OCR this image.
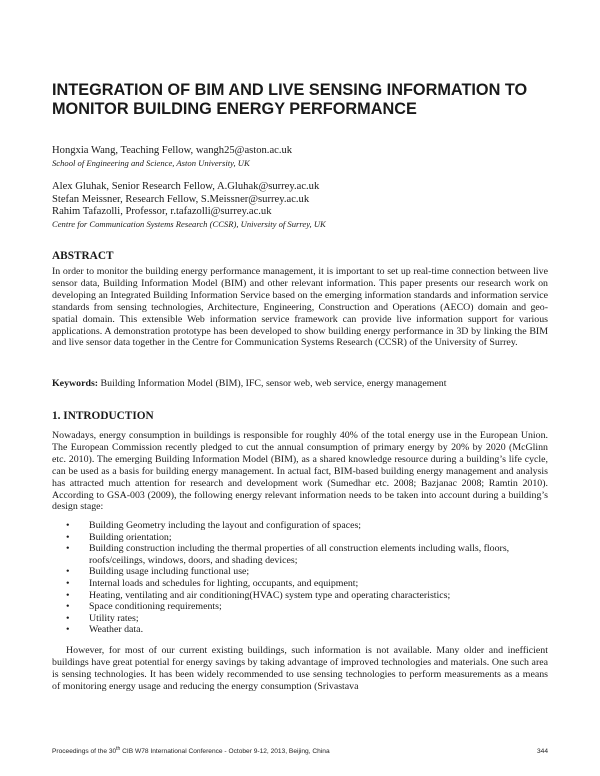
INTEGRATION OF BIM AND LIVE SENSING INFORMATION TO
MONITOR BUILDING ENERGY PERFORMANCE
Hongxia Wang, Teaching Fellow, wangh25@aston.ac.uk
School of Engineering and Science, Aston University, UK
Alex Gluhak, Senior Research Fellow, A.Gluhak@surrey.ac.uk
Stefan Meissner, Research Fellow, S.Meissner@surrey.ac.uk
Rahim Tafazolli, Professor, r.tafazolli@surrey.ac.uk
Centre for Communication Systems Research (CCSR), University of Surrey, UK
ABSTRACT

In order to monitor the building energy performance management, it is important to set up real-time connection between live sensor data, Building Information Model (BIM) and other relevant information. This paper presents our research work on developing an Integrated Building Information Service based on the emerging information standards and information service standards from sensing technologies, Architecture, Engineering, Construction and Operations (AECO) domain and geo-spatial domain. This extensible Web information service framework can provide live information support for various applications. A demonstration prototype has been developed to show building energy performance in 3D by linking the BIM and live sensor data together in the Centre for Communication Systems Research (CCSR) of the University of Surrey.

Keywords: Building Information Model (BIM), IFC, sensor web, web service, energy management

1. INTRODUCTION

Nowadays, energy consumption in buildings is responsible for roughly 40% of the total energy use in the European Union. The European Commission recently pledged to cut the annual consumption of primary energy by 20% by 2020 (McGlinn etc. 2010). The emerging Building Information Model (BIM), as a shared knowledge resource during a building’s life cycle, can be used as a basis for building energy management. In actual fact, BIM-based building energy management and analysis has attracted much attention for research and development work (Sumedhar etc. 2008; Bazjanac 2008; Ramtin 2010). According to GSA-003 (2009), the following energy relevant information needs to be taken into account during a building’s design stage:

• Building Geometry including the layout and configuration of spaces;
• Building orientation;
• Building construction including the thermal properties of all construction elements including walls, floors, roofs/ceilings, windows, doors, and shading devices;
• Building usage including functional use;
• Internal loads and schedules for lighting, occupants, and equipment;
• Heating, ventilating and air conditioning(HVAC) system type and operating characteristics;
• Space conditioning requirements;
• Utility rates;
• Weather data.

However, for most of our current existing buildings, such information is not available. Many older and inefficient buildings have great potential for energy savings by taking advantage of improved technologies and materials. One such area is sensing technologies. It has been widely recommended to use sensing technologies to perform measurements as a means of monitoring energy usage and reducing the energy consumption (Srivastava

Proceedings of the 30th CIB W78 International Conference - October 9-12, 2013, Beijing, China	344
